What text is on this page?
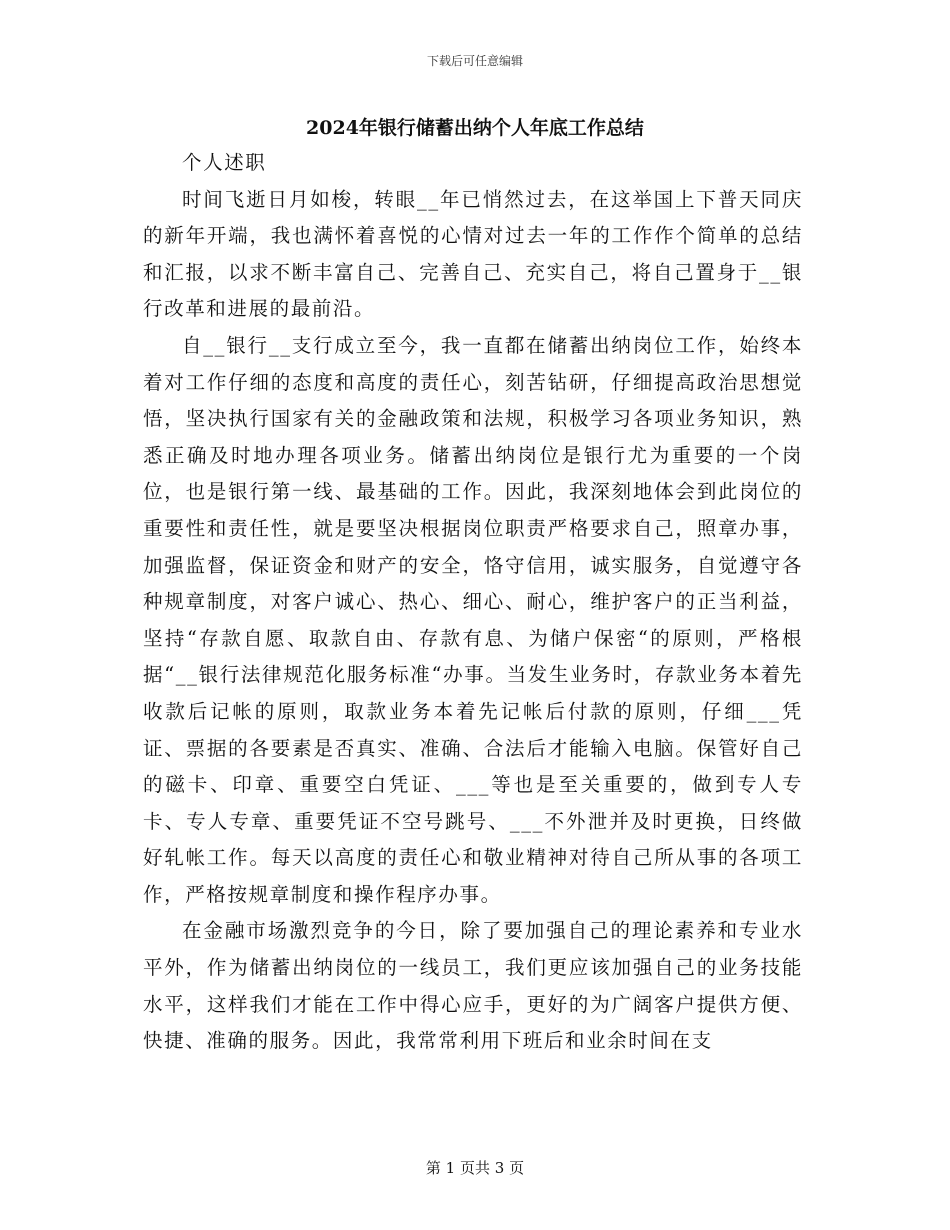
下载后可任意编辑
2024年银行储蓄出纳个人年底工作总结

个人述职

时间飞逝日月如梭，转眼__年已悄然过去，在这举国上下普天同庆的新年开端，我也满怀着喜悦的心情对过去一年的工作作个简单的总结和汇报，以求不断丰富自己、完善自己、充实自己，将自己置身于__银行改革和进展的最前沿。

自__银行__支行成立至今，我一直都在储蓄出纳岗位工作，始终本着对工作仔细的态度和高度的责任心，刻苦钻研，仔细提高政治思想觉悟，坚决执行国家有关的金融政策和法规，积极学习各项业务知识，熟悉正确及时地办理各项业务。储蓄出纳岗位是银行尤为重要的一个岗位，也是银行第一线、最基础的工作。因此，我深刻地体会到此岗位的重要性和责任性，就是要坚决根据岗位职责严格要求自己，照章办事，加强监督，保证资金和财产的安全，恪守信用，诚实服务，自觉遵守各种规章制度，对客户诚心、热心、细心、耐心，维护客户的正当利益，坚持“存款自愿、取款自由、存款有息、为储户保密“的原则，严格根据“__银行法律规范化服务标准“办事。当发生业务时，存款业务本着先收款后记帐的原则，取款业务本着先记帐后付款的原则，仔细___凭证、票据的各要素是否真实、准确、合法后才能输入电脑。保管好自己的磁卡、印章、重要空白凭证、___等也是至关重要的，做到专人专卡、专人专章、重要凭证不空号跳号、___不外泄并及时更换，日终做好轧帐工作。每天以高度的责任心和敬业精神对待自己所从事的各项工作，严格按规章制度和操作程序办事。

在金融市场激烈竞争的今日，除了要加强自己的理论素养和专业水平外，作为储蓄出纳岗位的一线员工，我们更应该加强自己的业务技能水平，这样我们才能在工作中得心应手，更好的为广阔客户提供方便、快捷、准确的服务。因此，我常常利用下班后和业余时间在支

第 1 页共 3 页
